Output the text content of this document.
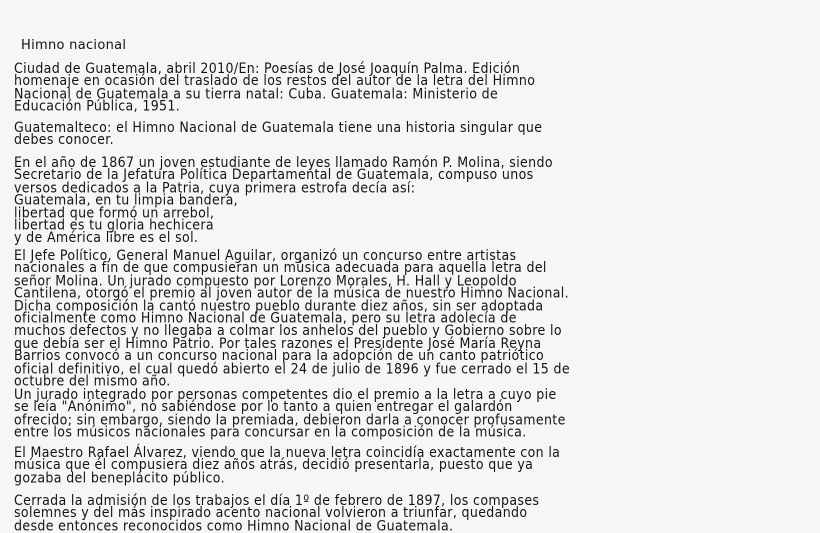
Himno nacional
Ciudad de Guatemala, abril 2010/En: Poesías de José Joaquín Palma. Edición
homenaje en ocasión del traslado de los restos del autor de la letra del Himno
Nacional de Guatemala a su tierra natal: Cuba. Guatemala: Ministerio de
Educación Pública, 1951.
Guatemalteco: el Himno Nacional de Guatemala tiene una historia singular que
debes conocer.
En el año de 1867 un joven estudiante de leyes llamado Ramón P. Molina, siendo
Secretario de la Jefatura Política Departamental de Guatemala, compuso unos
versos dedicados a la Patria, cuya primera estrofa decía así:
Guatemala, en tu limpia bandera,
libertad que formó un arrebol,
libertad es tu gloria hechicera
y de América libre es el sol.
El Jefe Político, General Manuel Aguilar, organizó un concurso entre artistas
nacionales a fin de que compusieran un música adecuada para aquella letra del
señor Molina. Un jurado compuesto por Lorenzo Morales, H. Hall y Leopoldo
Cantilena, otorgó el premio al joven autor de la música de nuestro Himno Nacional.
Dicha composición la cantó nuestro pueblo durante diez años, sin ser adoptada
oficialmente como Himno Nacional de Guatemala, pero su letra adolecía de
muchos defectos y no llegaba a colmar los anhelos del pueblo y Gobierno sobre lo
que debía ser el Himno Patrio. Por tales razones el Presidente José María Reyna
Barrios convocó a un concurso nacional para la adopción de un canto patriótico
oficial definitivo, el cual quedó abierto el 24 de julio de 1896 y fue cerrado el 15 de
octubre del mismo año.
Un jurado integrado por personas competentes dio el premio a la letra a cuyo pie
se leía "Anónimo", no sabiéndose por lo tanto a quien entregar el galardón
ofrecido; sin embargo, siendo la premiada, debieron darla a conocer profusamente
entre los músicos nacionales para concursar en la composición de la música.
El Maestro Rafael Álvarez, viendo que la nueva letra coincidía exactamente con la
música que él compusiera diez años atrás, decidió presentarla, puesto que ya
gozaba del beneplácito público.
Cerrada la admisión de los trabajos el día 1º de febrero de 1897, los compases
solemnes y del más inspirado acento nacional volvieron a triunfar, quedando
desde entonces reconocidos como Himno Nacional de Guatemala.
